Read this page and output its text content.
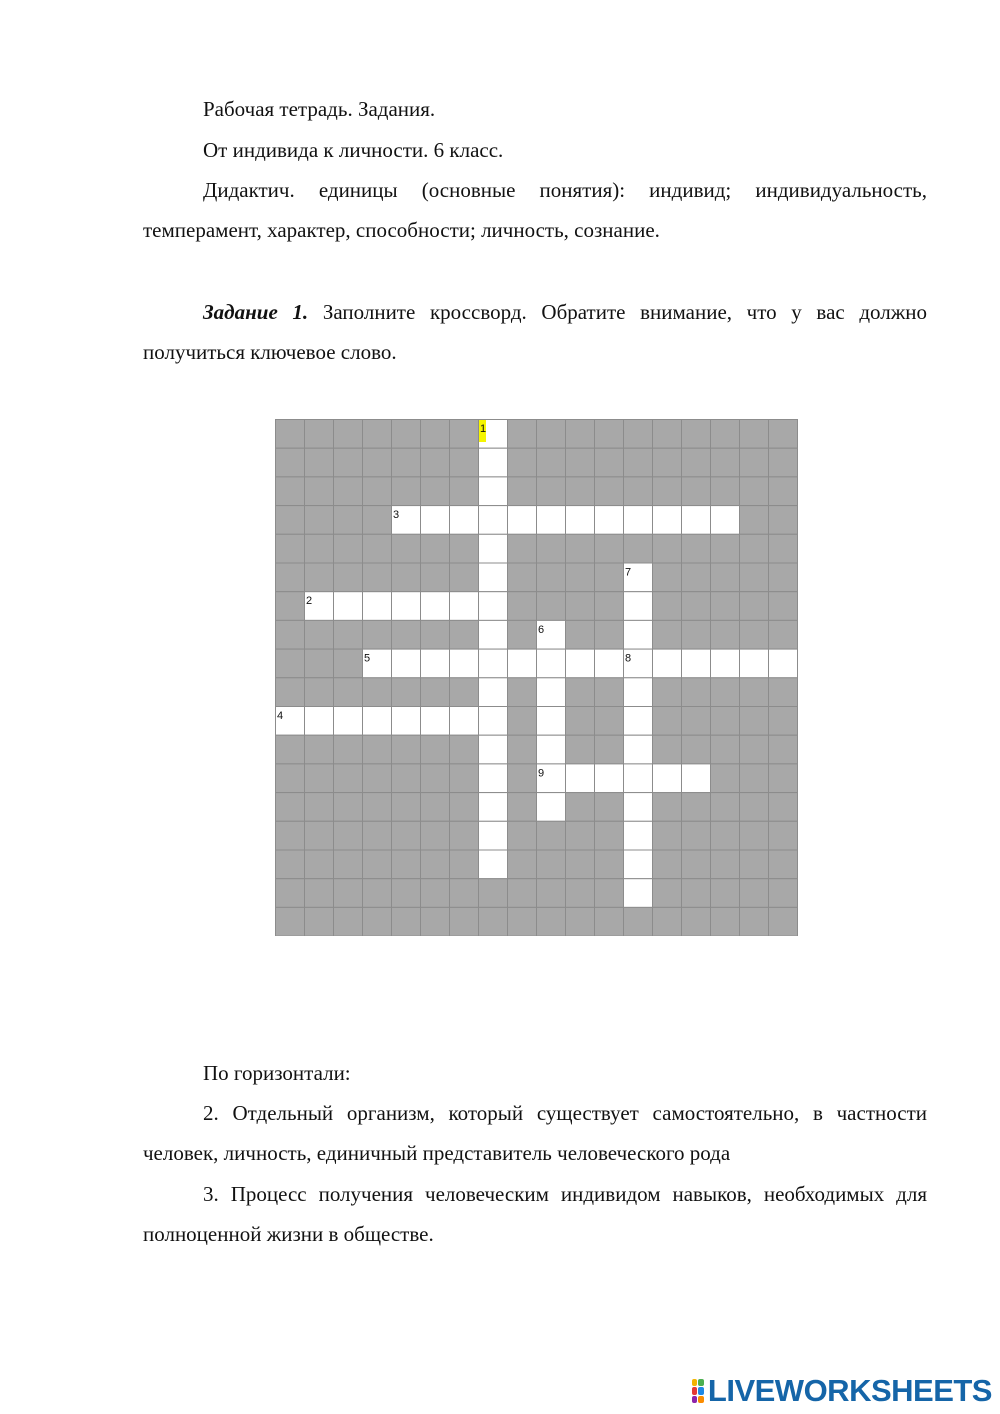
Рабочая тетрадь. Задания.
От индивида к личности. 6 класс.
Дидактич. единицы (основные понятия): индивид; индивидуальность, темперамент, характер, способности; личность, сознание.
Задание 1. Заполните кроссворд. Обратите внимание, что у вас должно получиться ключевое слово.
1
3
7
2
6
5	8
4
9
По горизонтали:
2. Отдельный организм, который существует самостоятельно, в частности человек, личность, единичный представитель человеческого рода
3. Процесс получения человеческим индивидом навыков, необходимых для полноценной жизни в обществе.
LIVEWORKSHEETS
